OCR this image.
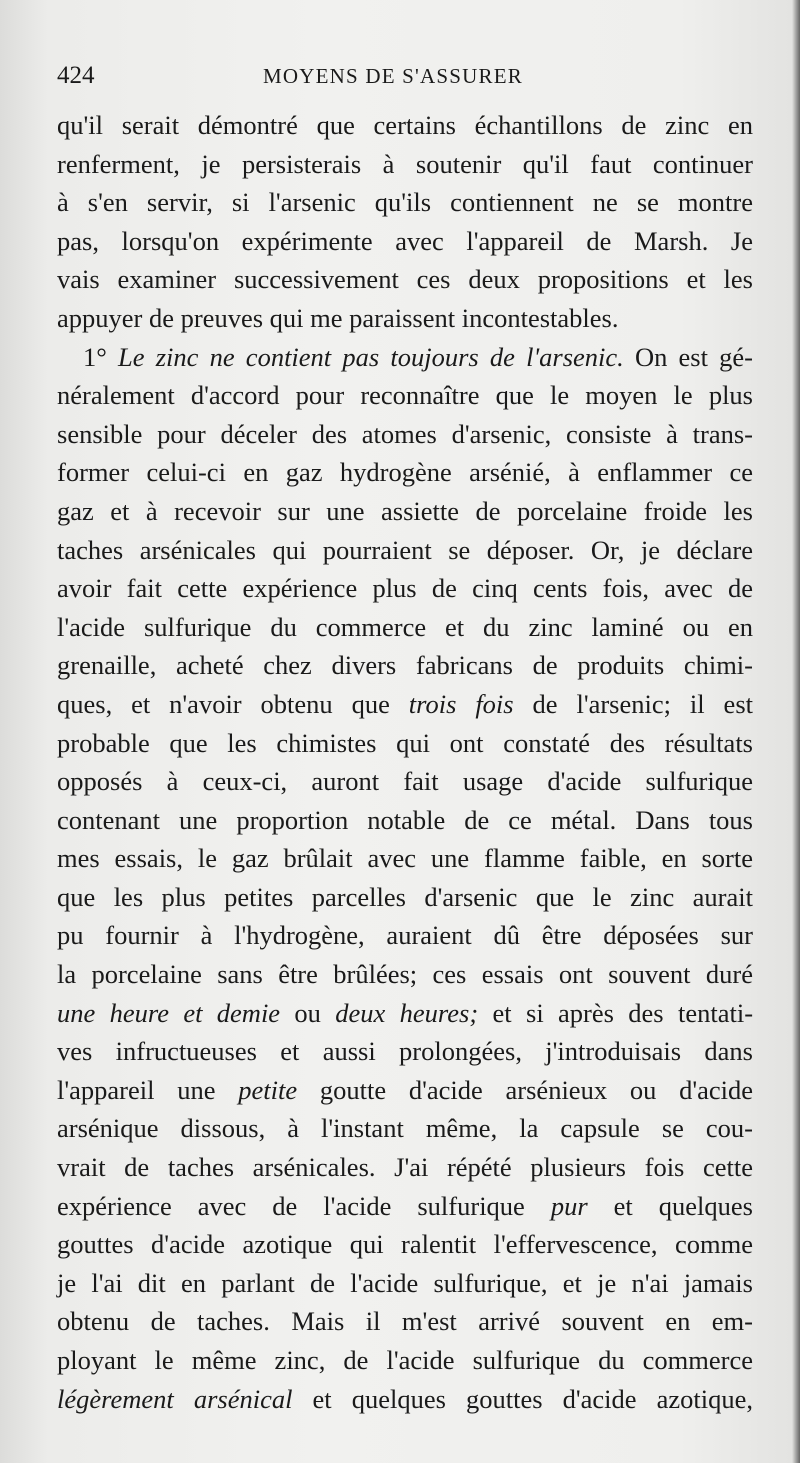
424	MOYENS DE S'ASSURER
qu'il serait démontré que certains échantillons de zinc en
renferment, je persisterais à soutenir qu'il faut continuer
à s'en servir, si l'arsenic qu'ils contiennent ne se montre
pas, lorsqu'on expérimente avec l'appareil de Marsh. Je
vais examiner successivement ces deux propositions et les
appuyer de preuves qui me paraissent incontestables.
1° Le zinc ne contient pas toujours de l'arsenic. On est gé-
néralement d'accord pour reconnaître que le moyen le plus
sensible pour déceler des atomes d'arsenic, consiste à trans-
former celui-ci en gaz hydrogène arsénié, à enflammer ce
gaz et à recevoir sur une assiette de porcelaine froide les
taches arsénicales qui pourraient se déposer. Or, je déclare
avoir fait cette expérience plus de cinq cents fois, avec de
l'acide sulfurique du commerce et du zinc laminé ou en
grenaille, acheté chez divers fabricans de produits chimi-
ques, et n'avoir obtenu que trois fois de l'arsenic; il est
probable que les chimistes qui ont constaté des résultats
opposés à ceux-ci, auront fait usage d'acide sulfurique
contenant une proportion notable de ce métal. Dans tous
mes essais, le gaz brûlait avec une flamme faible, en sorte
que les plus petites parcelles d'arsenic que le zinc aurait
pu fournir à l'hydrogène, auraient dû être déposées sur
la porcelaine sans être brûlées; ces essais ont souvent duré
une heure et demie ou deux heures; et si après des tentati-
ves infructueuses et aussi prolongées, j'introduisais dans
l'appareil une petite goutte d'acide arsénieux ou d'acide
arsénique dissous, à l'instant même, la capsule se cou-
vrait de taches arsénicales. J'ai répété plusieurs fois cette
expérience avec de l'acide sulfurique pur et quelques
gouttes d'acide azotique qui ralentit l'effervescence, comme
je l'ai dit en parlant de l'acide sulfurique, et je n'ai jamais
obtenu de taches. Mais il m'est arrivé souvent en em-
ployant le même zinc, de l'acide sulfurique du commerce
légèrement arsénical et quelques gouttes d'acide azotique,
